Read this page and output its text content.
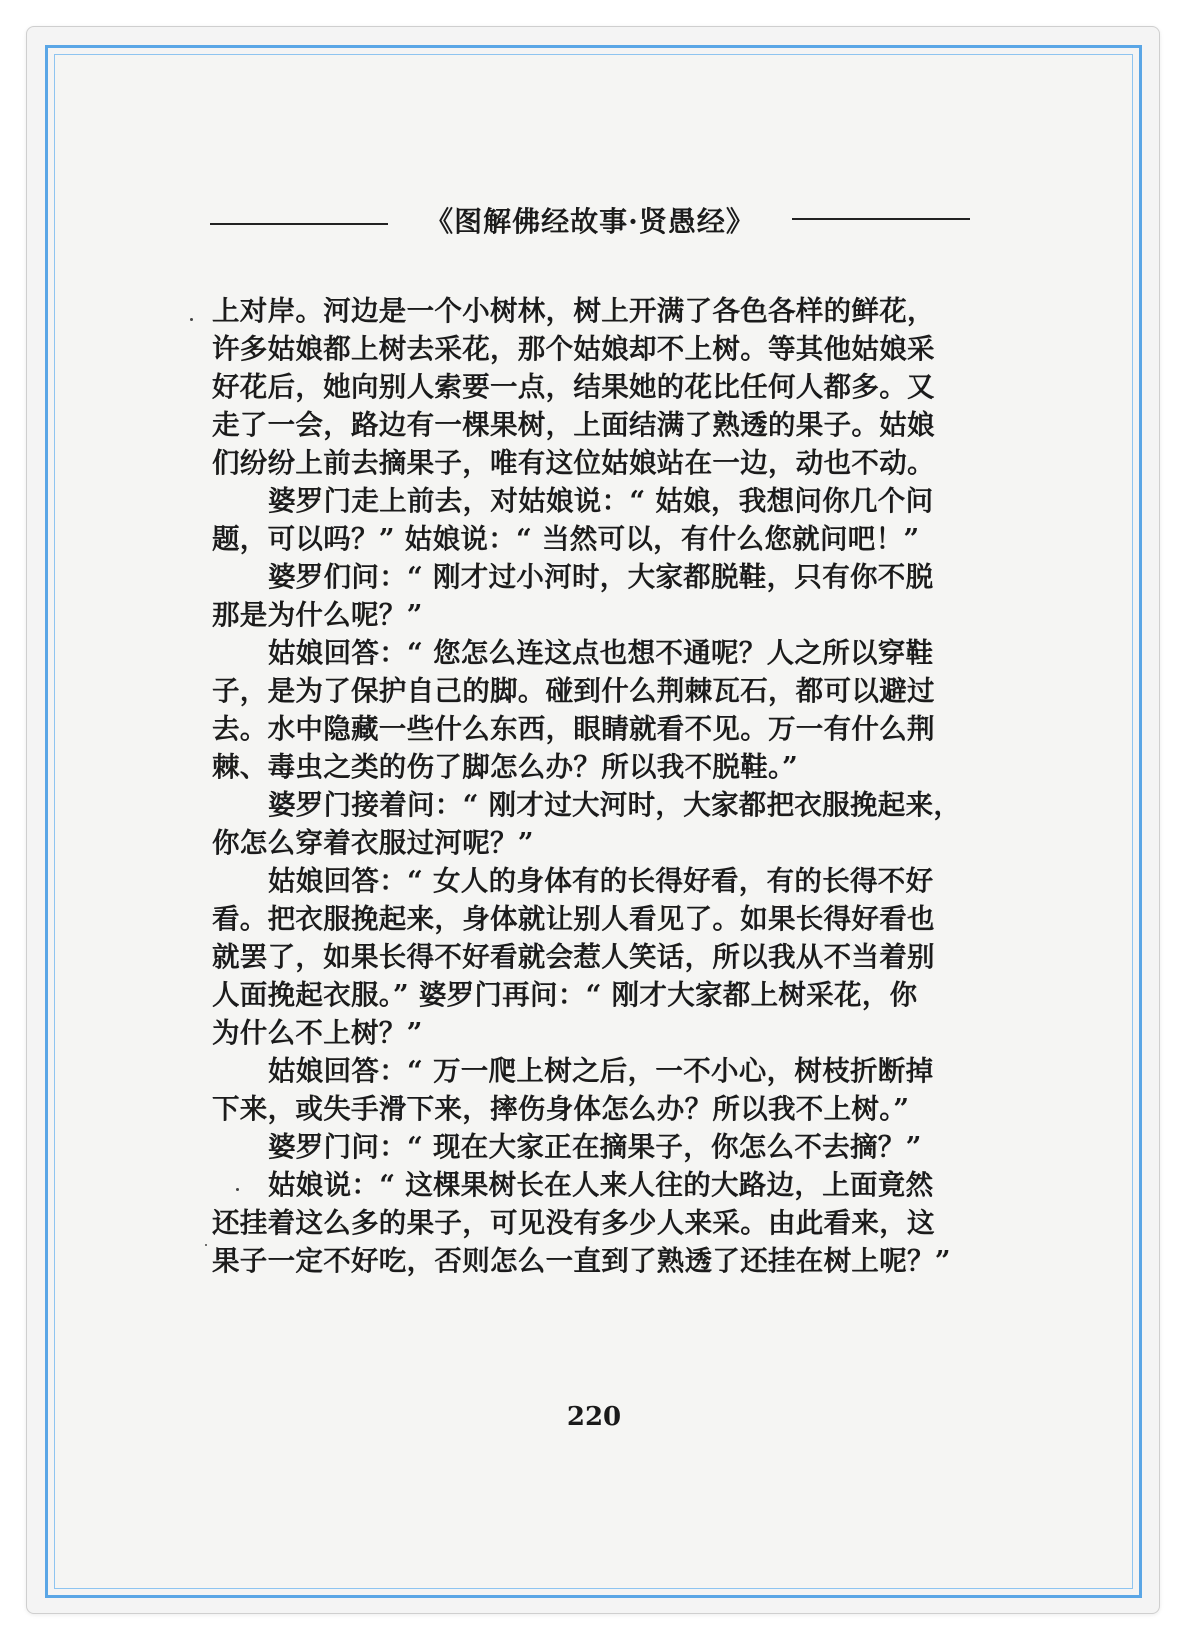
《图解佛经故事·贤愚经》
上对岸。河边是一个小树林，树上开满了各色各样的鲜花，
许多姑娘都上树去采花，那个姑娘却不上树。等其他姑娘采
好花后，她向别人索要一点，结果她的花比任何人都多。又
走了一会，路边有一棵果树，上面结满了熟透的果子。姑娘
们纷纷上前去摘果子，唯有这位姑娘站在一边，动也不动。
婆罗门走上前去，对姑娘说：“ 姑娘，我想问你几个问
题，可以吗？” 姑娘说：“ 当然可以，有什么您就问吧！”
婆罗们问：“ 刚才过小河时，大家都脱鞋，只有你不脱
那是为什么呢？”
姑娘回答：“ 您怎么连这点也想不通呢？人之所以穿鞋
子，是为了保护自己的脚。碰到什么荆棘瓦石，都可以避过
去。水中隐藏一些什么东西，眼睛就看不见。万一有什么荆
棘、毒虫之类的伤了脚怎么办？所以我不脱鞋。”
婆罗门接着问：“ 刚才过大河时，大家都把衣服挽起来，
你怎么穿着衣服过河呢？”
姑娘回答：“ 女人的身体有的长得好看，有的长得不好
看。把衣服挽起来，身体就让别人看见了。如果长得好看也
就罢了，如果长得不好看就会惹人笑话，所以我从不当着别
人面挽起衣服。” 婆罗门再问：“ 刚才大家都上树采花，你
为什么不上树？”
姑娘回答：“ 万一爬上树之后，一不小心，树枝折断掉
下来，或失手滑下来，摔伤身体怎么办？所以我不上树。”
婆罗门问：“ 现在大家正在摘果子，你怎么不去摘？”
姑娘说：“ 这棵果树长在人来人往的大路边，上面竟然
还挂着这么多的果子，可见没有多少人来采。由此看来，这
果子一定不好吃，否则怎么一直到了熟透了还挂在树上呢？”
220
